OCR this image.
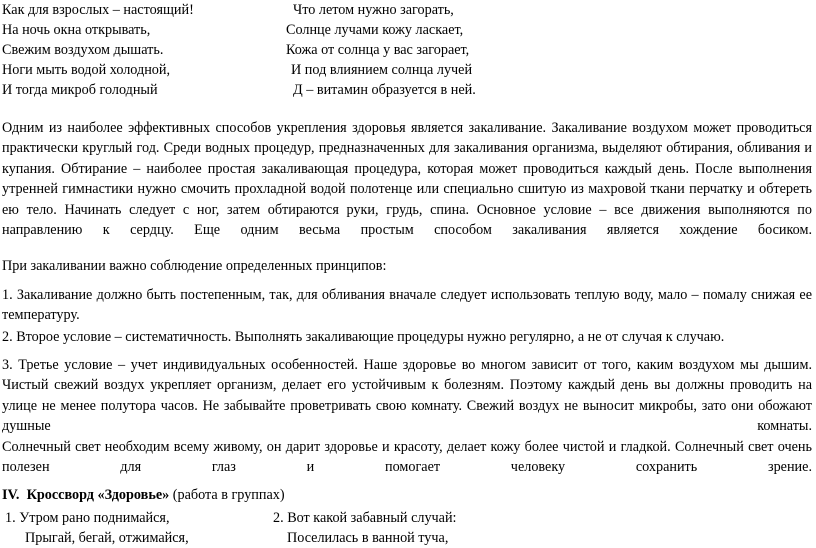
Как для взрослых – настоящий!	Что летом нужно загорать,
На ночь окна открывать,	Солнце лучами кожу ласкает,
Свежим воздухом дышать.	Кожа от солнца у вас загорает,
Ноги мыть водой холодной,	И под влиянием солнца лучей
И тогда микроб голодный	Д – витамин образуется в ней.

Одним из наиболее эффективных способов укрепления здоровья является закаливание. Закаливание воздухом может проводиться практически круглый год. Среди водных процедур, предназначенных для закаливания организма, выделяют обтирания, обливания и купания. Обтирание – наиболее простая закаливающая процедура, которая может проводиться каждый день. После выполнения утренней гимнастики нужно смочить прохладной водой полотенце или специально сшитую из махровой ткани перчатку и обтереть ею тело. Начинать следует с ног, затем обтираются руки, грудь, спина. Основное условие – все движения выполняются по направлению к сердцу. Еще одним весьма простым способом закаливания является хождение босиком.

При закаливании важно соблюдение определенных принципов:

1. Закаливание должно быть постепенным, так, для обливания вначале следует использовать теплую воду, мало – помалу снижая ее температуру.

2. Второе условие – систематичность. Выполнять закаливающие процедуры нужно регулярно, а не от случая к случаю.

3. Третье условие – учет индивидуальных особенностей. Наше здоровье во многом зависит от того, каким воздухом мы дышим. Чистый свежий воздух укрепляет организм, делает его устойчивым к болезням. Поэтому каждый день вы должны проводить на улице не менее полутора часов. Не забывайте проветривать свою комнату. Свежий воздух не выносит микробы, зато они обожают душные комнаты.

Солнечный свет необходим всему живому, он дарит здоровье и красоту, делает кожу более чистой и гладкой. Солнечный свет очень полезен для глаз и помогает человеку сохранить зрение.

IV. Кроссворд «Здоровье» (работа в группах)

1. Утром рано поднимайся,	2. Вот какой забавный случай:
Прыгай, бегай, отжимайся,	Поселилась в ванной туча,
